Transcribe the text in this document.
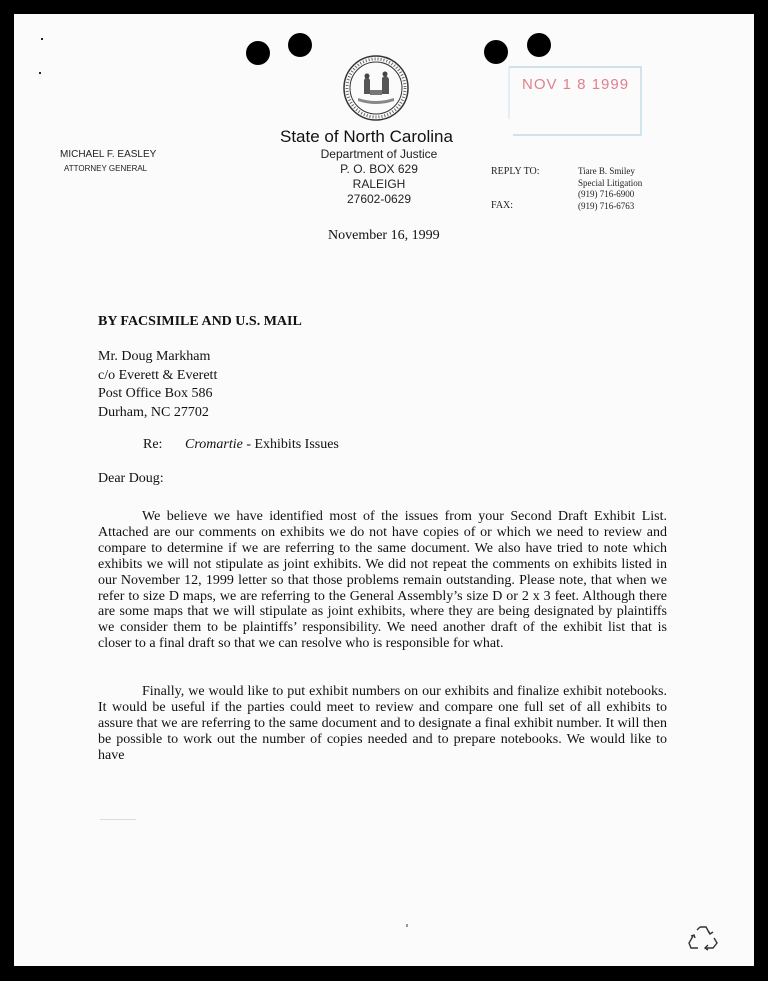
NOV 1 8 1999
State of North Carolina
Department of Justice
P. O. BOX 629
RALEIGH
27602-0629
MICHAEL F. EASLEY
ATTORNEY GENERAL	REPLY TO:	Tiare B. Smiley
Special Litigation
(919) 716-6900
FAX:	(919) 716-6763
November 16, 1999
BY FACSIMILE AND U.S. MAIL
Mr. Doug Markham
c/o Everett & Everett
Post Office Box 586
Durham, NC 27702
Re: Cromartie - Exhibits Issues
Dear Doug:

We believe we have identified most of the issues from your Second Draft Exhibit List. Attached are our comments on exhibits we do not have copies of or which we need to review and compare to determine if we are referring to the same document. We also have tried to note which exhibits we will not stipulate as joint exhibits. We did not repeat the comments on exhibits listed in our November 12, 1999 letter so that those problems remain outstanding. Please note, that when we refer to size D maps, we are referring to the General Assembly’s size D or 2 x 3 feet. Although there are some maps that we will stipulate as joint exhibits, where they are being designated by plaintiffs we consider them to be plaintiffs’ responsibility. We need another draft of the exhibit list that is closer to a final draft so that we can resolve who is responsible for what.

Finally, we would like to put exhibit numbers on our exhibits and finalize exhibit notebooks. It would be useful if the parties could meet to review and compare one full set of all exhibits to assure that we are referring to the same document and to designate a final exhibit number. It will then be possible to work out the number of copies needed and to prepare notebooks. We would like to have
